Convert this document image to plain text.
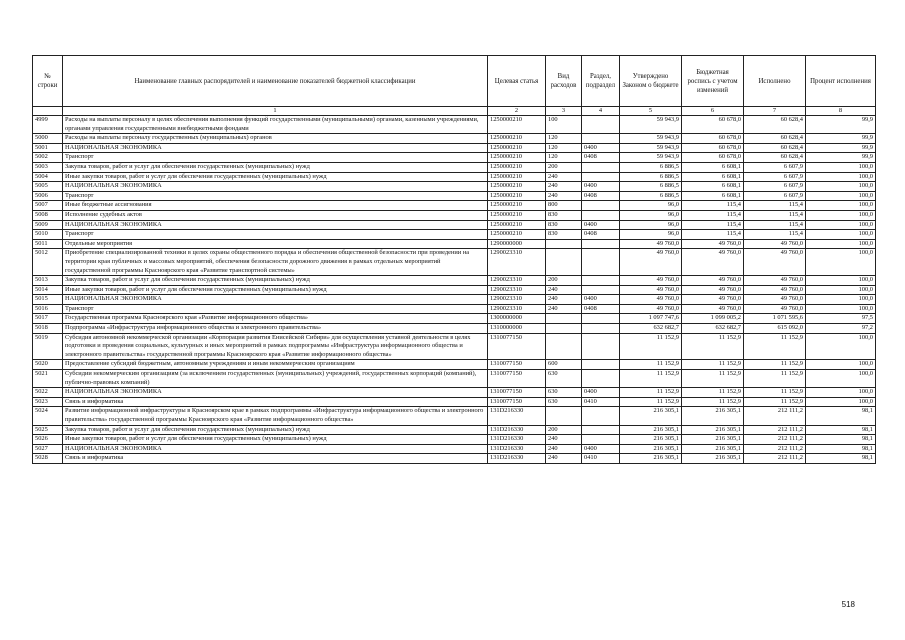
№ строки	Наименование главных распорядителей и наименование показателей бюджетной классификации	Целевая статья	Вид расходов	Раздел, подраздел	Утверждено Законом о бюджете	Бюджетная роспись с учетом изменений	Исполнено	Процент исполнения
	1	2	3	4	5	6	7	8
4999	Расходы на выплаты персоналу в целях обеспечения выполнения функций государственными (муниципальными) органами, казенными учреждениями, органами управления государственными внебюджетными фондами	1250000210	100		59 943,9	60 678,0	60 628,4	99,9
5000	Расходы на выплаты персоналу государственных (муниципальных) органов	1250000210	120		59 943,9	60 678,0	60 628,4	99,9
5001	НАЦИОНАЛЬНАЯ ЭКОНОМИКА	1250000210	120	0400	59 943,9	60 678,0	60 628,4	99,9
5002	Транспорт	1250000210	120	0408	59 943,9	60 678,0	60 628,4	99,9
5003	Закупка товаров, работ и услуг для обеспечения государственных (муниципальных) нужд	1250000210	200		6 886,5	6 608,1	6 607,9	100,0
5004	Иные закупки товаров, работ и услуг для обеспечения государственных (муниципальных) нужд	1250000210	240		6 886,5	6 608,1	6 607,9	100,0
5005	НАЦИОНАЛЬНАЯ ЭКОНОМИКА	1250000210	240	0400	6 886,5	6 608,1	6 607,9	100,0
5006	Транспорт	1250000210	240	0408	6 886,5	6 608,1	6 607,9	100,0
5007	Иные бюджетные ассигнования	1250000210	800		96,0	115,4	115,4	100,0
5008	Исполнение судебных актов	1250000210	830		96,0	115,4	115,4	100,0
5009	НАЦИОНАЛЬНАЯ ЭКОНОМИКА	1250000210	830	0400	96,0	115,4	115,4	100,0
5010	Транспорт	1250000210	830	0408	96,0	115,4	115,4	100,0
5011	Отдельные мероприятия	1290000000			49 760,0	49 760,0	49 760,0	100,0
5012	Приобретение специализированной техники в целях охраны общественного порядка и обеспечения общественной безопасности при проведении на территории края публичных и массовых мероприятий, обеспечения безопасности дорожного движения в рамках отдельных мероприятий государственной программы Красноярского края «Развитие транспортной системы»	1290023310			49 760,0	49 760,0	49 760,0	100,0
5013	Закупка товаров, работ и услуг для обеспечения государственных (муниципальных) нужд	1290023310	200		49 760,0	49 760,0	49 760,0	100,0
5014	Иные закупки товаров, работ и услуг для обеспечения государственных (муниципальных) нужд	1290023310	240		49 760,0	49 760,0	49 760,0	100,0
5015	НАЦИОНАЛЬНАЯ ЭКОНОМИКА	1290023310	240	0400	49 760,0	49 760,0	49 760,0	100,0
5016	Транспорт	1290023310	240	0408	49 760,0	49 760,0	49 760,0	100,0
5017	Государственная программа Красноярского края «Развитие информационного общества»	1300000000			1 097 747,6	1 099 005,2	1 071 595,6	97,5
5018	Подпрограмма «Инфраструктура информационного общества и электронного правительства»	1310000000			632 682,7	632 682,7	615 092,0	97,2
5019	Субсидия автономной некоммерческой организации «Корпорация развития Енисейской Сибири» для осуществления уставной деятельности в целях подготовки и проведения социальных, культурных и иных мероприятий в рамках подпрограммы «Инфраструктура информационного общества и электронного правительства» государственной программы Красноярского края «Развитие информационного общества»	1310077150			11 152,9	11 152,9	11 152,9	100,0
5020	Предоставление субсидий бюджетным, автономным учреждениям и иным некоммерческим организациям	1310077150	600		11 152,9	11 152,9	11 152,9	100,0
5021	Субсидии некоммерческим организациям (за исключением государственных (муниципальных) учреждений, государственных корпораций (компаний), публично-правовых компаний)	1310077150	630		11 152,9	11 152,9	11 152,9	100,0
5022	НАЦИОНАЛЬНАЯ ЭКОНОМИКА	1310077150	630	0400	11 152,9	11 152,9	11 152,9	100,0
5023	Связь и информатика	1310077150	630	0410	11 152,9	11 152,9	11 152,9	100,0
5024	Развитие информационной инфраструктуры в Красноярском крае в рамках подпрограммы «Инфраструктура информационного общества и электронного правительства» государственной программы Красноярского края «Развитие информационного общества»	131D216330			216 305,1	216 305,1	212 111,2	98,1
5025	Закупка товаров, работ и услуг для обеспечения государственных (муниципальных) нужд	131D216330	200		216 305,1	216 305,1	212 111,2	98,1
5026	Иные закупки товаров, работ и услуг для обеспечения государственных (муниципальных) нужд	131D216330	240		216 305,1	216 305,1	212 111,2	98,1
5027	НАЦИОНАЛЬНАЯ ЭКОНОМИКА	131D216330	240	0400	216 305,1	216 305,1	212 111,2	98,1
5028	Связь и информатика	131D216330	240	0410	216 305,1	216 305,1	212 111,2	98,1
518
